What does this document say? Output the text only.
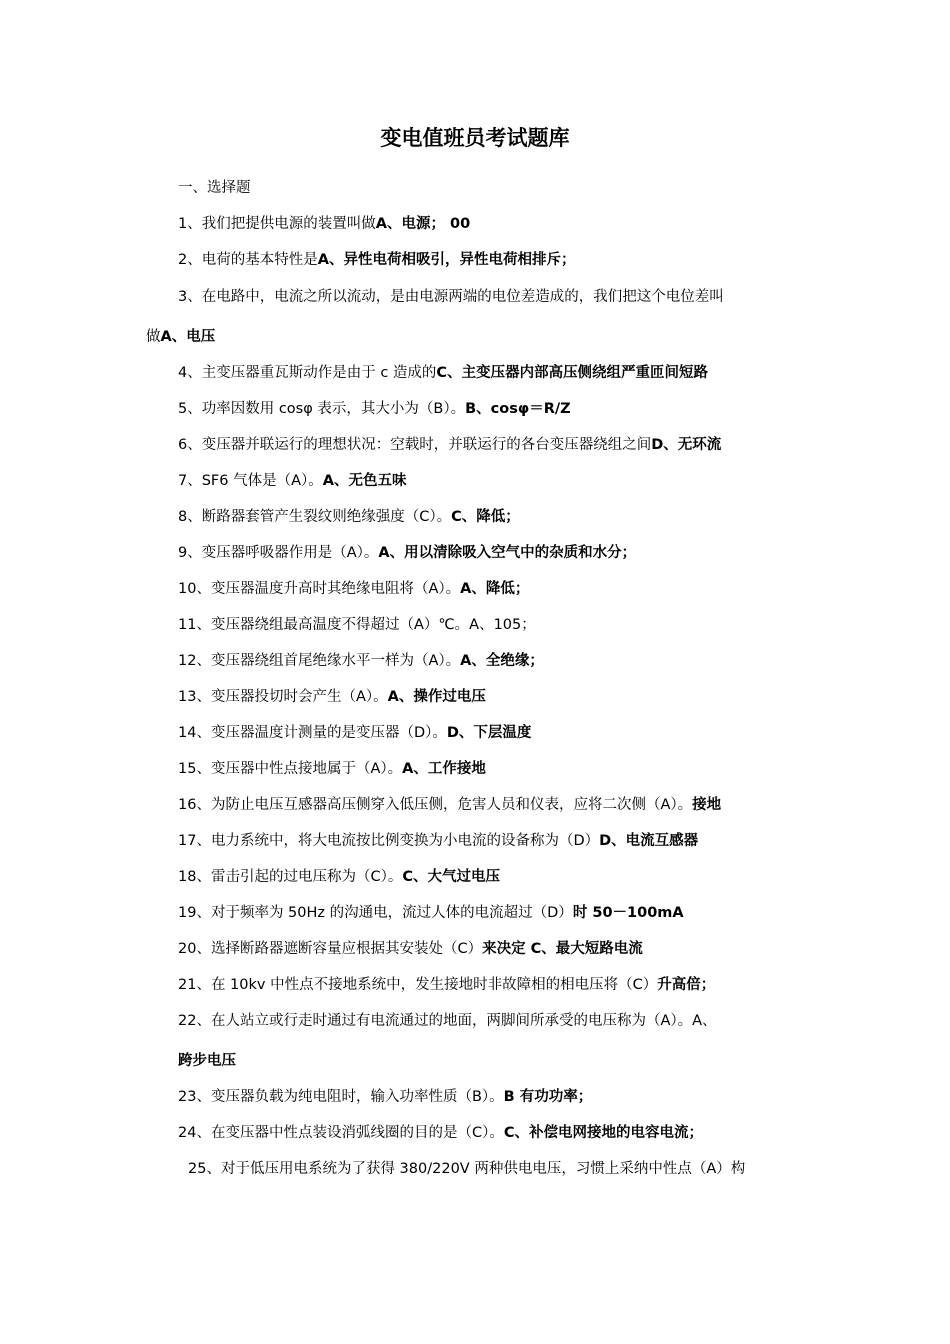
变电值班员考试题库
一、选择题
1、我们把提供电源的装置叫做A、电源； 00
2、电荷的基本特性是A、异性电荷相吸引，异性电荷相排斥；
3、在电路中，电流之所以流动，是由电源两端的电位差造成的，我们把这个电位差叫
做A、电压
4、主变压器重瓦斯动作是由于 c 造成的C、主变压器内部高压侧绕组严重匝间短路
5、功率因数用 cosφ 表示，其大小为（B）。B、cosφ＝R/Z
6、变压器并联运行的理想状况：空载时，并联运行的各台变压器绕组之间D、无环流
7、SF6 气体是（A）。A、无色五味
8、断路器套管产生裂纹则绝缘强度（C）。C、降低；
9、变压器呼吸器作用是（A）。A、用以清除吸入空气中的杂质和水分；
10、变压器温度升高时其绝缘电阻将（A）。A、降低；
11、变压器绕组最高温度不得超过（A）℃。A、105；
12、变压器绕组首尾绝缘水平一样为（A）。A、全绝缘；
13、变压器投切时会产生（A）。A、操作过电压
14、变压器温度计测量的是变压器（D）。D、下层温度
15、变压器中性点接地属于（A）。A、工作接地
16、为防止电压互感器高压侧穿入低压侧，危害人员和仪表，应将二次侧（A）。接地
17、电力系统中，将大电流按比例变换为小电流的设备称为（D）D、电流互感器
18、雷击引起的过电压称为（C）。C、大气过电压
19、对于频率为 50Hz 的沟通电，流过人体的电流超过（D）时 50－100mA
20、选择断路器遮断容量应根据其安装处（C）来决定 C、最大短路电流
21、在 10kv 中性点不接地系统中，发生接地时非故障相的相电压将（C）升高倍；
22、在人站立或行走时通过有电流通过的地面，两脚间所承受的电压称为（A）。A、
跨步电压
23、变压器负载为纯电阻时，输入功率性质（B）。B 有功功率；
24、在变压器中性点装设消弧线圈的目的是（C）。C、补偿电网接地的电容电流；
25、对于低压用电系统为了获得 380/220V 两种供电电压，习惯上采纳中性点（A）构
